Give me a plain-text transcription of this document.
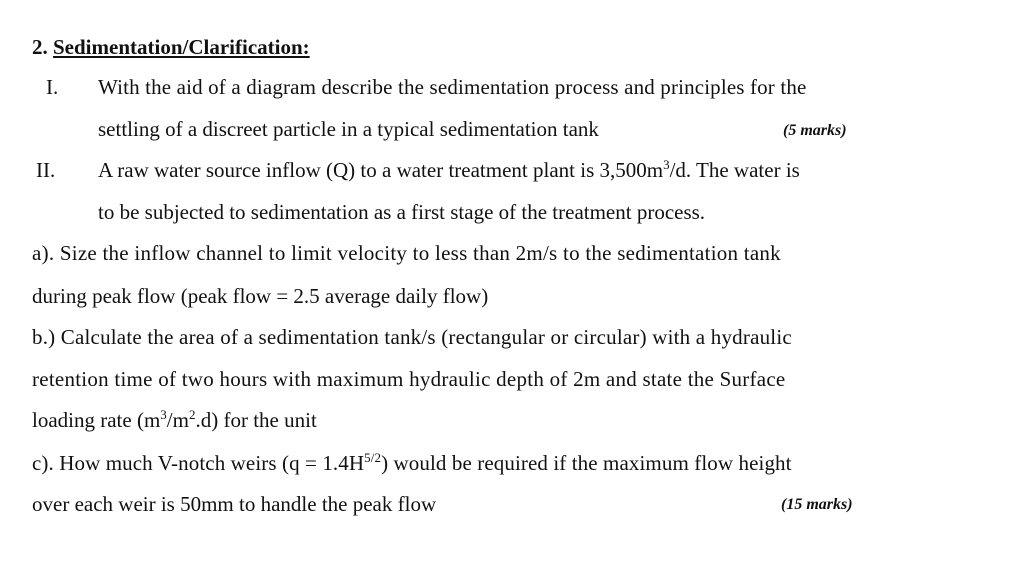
2. Sedimentation/Clarification:
I. With the aid of a diagram describe the sedimentation process and principles for the
settling of a discreet particle in a typical sedimentation tank	(5 marks)
II. A raw water source inflow (Q) to a water treatment plant is $3,500m^3/d$. The water is
to be subjected to sedimentation as a first stage of the treatment process.
a). Size the inflow channel to limit velocity to less than 2m/s to the sedimentation tank
during peak flow (peak flow = 2.5 average daily flow)
b.) Calculate the area of a sedimentation tank/s (rectangular or circular) with a hydraulic
retention time of two hours with maximum hydraulic depth of 2m and state the Surface
loading rate $(m^3/m^2.d)$ for the unit
c). How much V-notch weirs $(q = 1.4H^{5/2})$ would be required if the maximum flow height
over each weir is 50mm to handle the peak flow	(15 marks)
